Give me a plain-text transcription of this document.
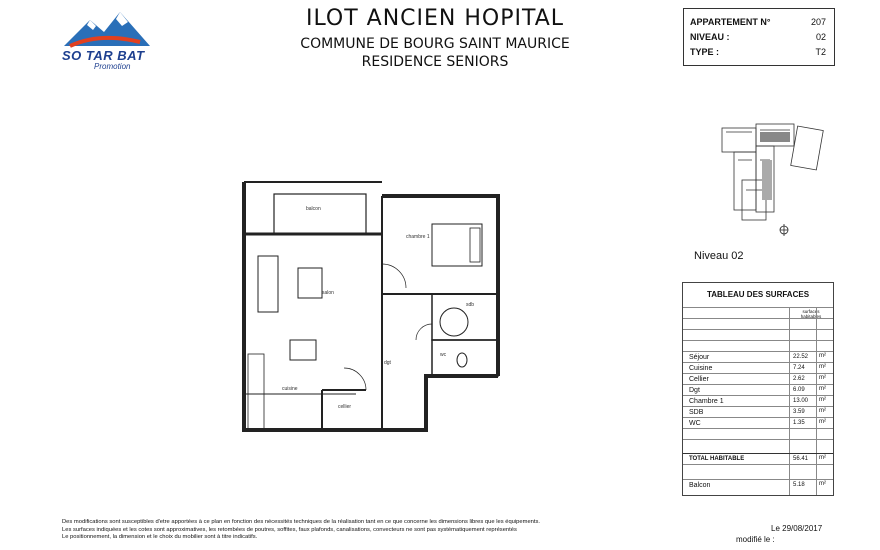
SO TAR BAT
Promotion
ILOT ANCIEN HOPITAL
COMMUNE DE BOURG SAINT MAURICE
RESIDENCE SENIORS
APPARTEMENT N°	207
NIVEAU :	02
TYPE :	T2
Niveau 02
chambre 1
salon
cuisine
cellier
dgt
wc
sdb
balcon
TABLEAU DES SURFACES
surfaces
habitables
Séjour	22.52 m²
Cuisine	7.24 m²
Cellier	2.62 m²
Dgt	6.09 m²
Chambre 1	13.00 m²
SDB	3.59 m²
WC	1.35 m²
TOTAL HABITABLE	56.41 m²
Balcon	5.18 m²
Des modifications sont susceptibles d'etre apportées à ce plan en fonction des nécessités techniques de la réalisation tant en ce que concerne les dimensions libres que les équipements.
Les surfaces indiquées et les cotes sont approximatives, les retombées de poutres, soffites, faux plafonds, canalisations, convecteurs ne sont pas systématiquement représentés
Le positionnement, la dimension et le choix du mobilier sont à titre indicatifs.
Le 29/08/2017
modifié le :
